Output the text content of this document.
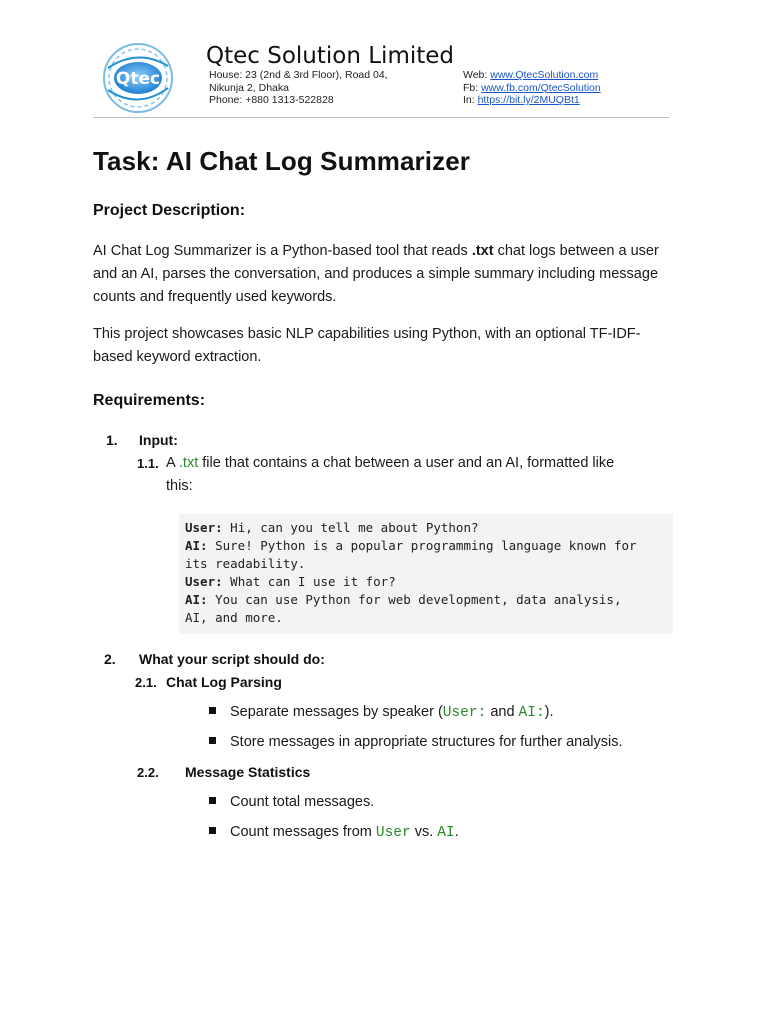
Qtec
Qtec Solution Limited
House: 23 (2nd & 3rd Floor), Road 04,
Nikunja 2, Dhaka
Phone: +880 1313-522828
Web: www.QtecSolution.com
Fb: www.fb.com/QtecSolution
In: https://bit.ly/2MUQBt1
Task: AI Chat Log Summarizer
Project Description:

AI Chat Log Summarizer is a Python-based tool that reads .txt chat logs between a user and an AI, parses the conversation, and produces a simple summary including message counts and frequently used keywords.

This project showcases basic NLP capabilities using Python, with an optional TF-IDF-based keyword extraction.

Requirements:
1. Input:
1.1. A .txt file that contains a chat between a user and an AI, formatted like
this:

User: Hi, can you tell me about Python?
AI: Sure! Python is a popular programming language known for
its readability.
User: What can I use it for?
AI: You can use Python for web development, data analysis,
AI, and more.
2. What your script should do:
2.1. Chat Log Parsing
Separate messages by speaker (User: and AI:).
Store messages in appropriate structures for further analysis.
2.2. Message Statistics
Count total messages.
Count messages from User vs. AI.
